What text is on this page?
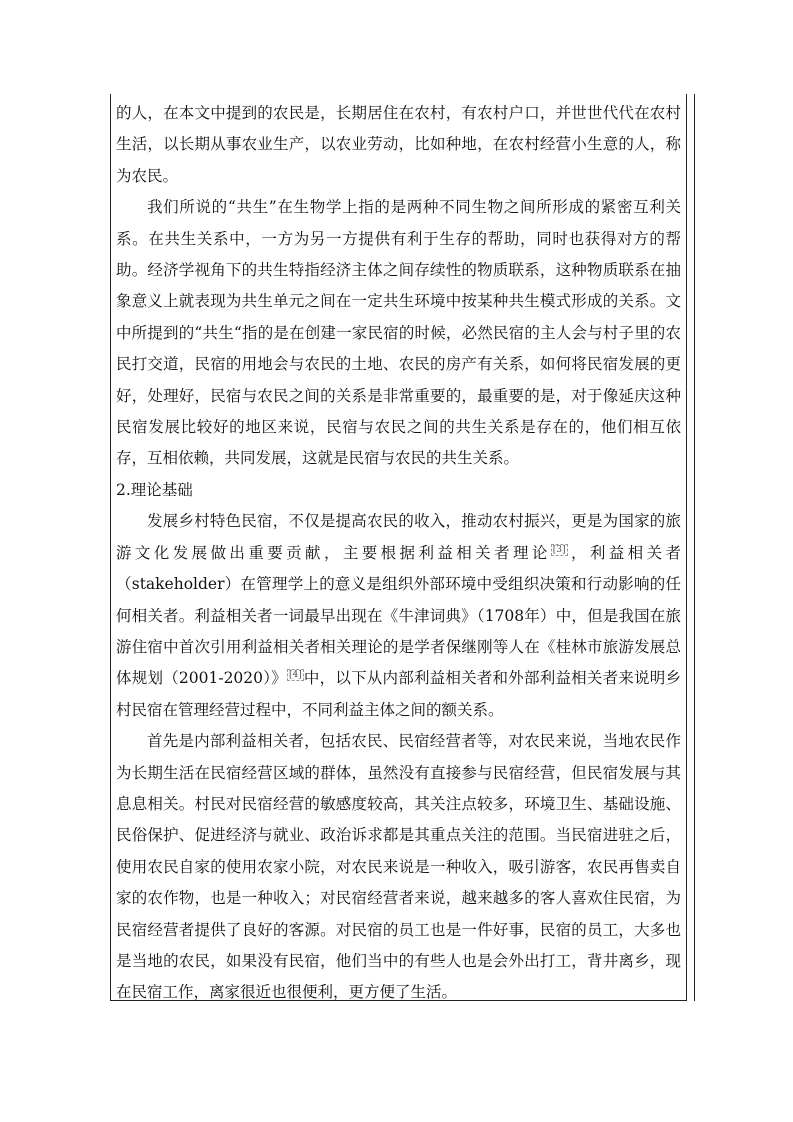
的人，在本文中提到的农民是，长期居住在农村，有农村户口，并世世代代在农村生活，以长期从事农业生产，以农业劳动，比如种地，在农村经营小生意的人，称为农民。

我们所说的“共生”在生物学上指的是两种不同生物之间所形成的紧密互利关系。在共生关系中，一方为另一方提供有利于生存的帮助，同时也获得对方的帮助。经济学视角下的共生特指经济主体之间存续性的物质联系，这种物质联系在抽象意义上就表现为共生单元之间在一定共生环境中按某种共生模式形成的关系。文中所提到的“共生“指的是在创建一家民宿的时候，必然民宿的主人会与村子里的农民打交道，民宿的用地会与农民的土地、农民的房产有关系，如何将民宿发展的更好，处理好，民宿与农民之间的关系是非常重要的，最重要的是，对于像延庆这种民宿发展比较好的地区来说，民宿与农民之间的共生关系是存在的，他们相互依存，互相依赖，共同发展，这就是民宿与农民的共生关系。

2.理论基础

发展乡村特色民宿，不仅是提高农民的收入，推动农村振兴，更是为国家的旅游文化发展做出重要贡献，主要根据利益相关者理论 [3] ，利益相关者（stakeholder）在管理学上的意义是组织外部环境中受组织决策和行动影响的任何相关者。利益相关者一词最早出现在《牛津词典》（1708年）中，但是我国在旅游住宿中首次引用利益相关者相关理论的是学者保继刚等人在《桂林市旅游发展总体规划（2001-2020）》 [4] 中，以下从内部利益相关者和外部利益相关者来说明乡村民宿在管理经营过程中，不同利益主体之间的额关系。

首先是内部利益相关者，包括农民、民宿经营者等，对农民来说，当地农民作为长期生活在民宿经营区域的群体，虽然没有直接参与民宿经营，但民宿发展与其息息相关。村民对民宿经营的敏感度较高，其关注点较多，环境卫生、基础设施、民俗保护、促进经济与就业、政治诉求都是其重点关注的范围。当民宿进驻之后，使用农民自家的使用农家小院，对农民来说是一种收入，吸引游客，农民再售卖自家的农作物，也是一种收入；对民宿经营者来说，越来越多的客人喜欢住民宿，为民宿经营者提供了良好的客源。对民宿的员工也是一件好事，民宿的员工，大多也是当地的农民，如果没有民宿，他们当中的有些人也是会外出打工，背井离乡，现在民宿工作，离家很近也很便利，更方便了生活。
